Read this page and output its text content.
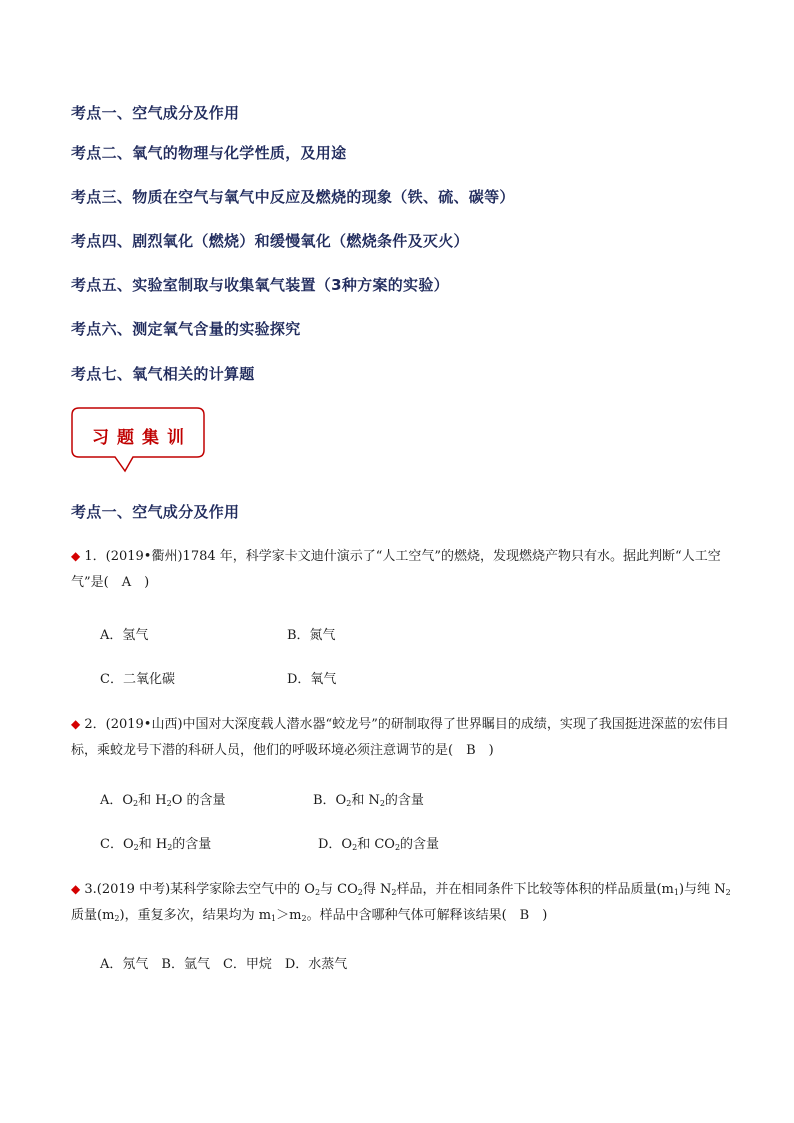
考点一、空气成分及作用

考点二、氧气的物理与化学性质，及用途

考点三、物质在空气与氧气中反应及燃烧的现象（铁、硫、碳等）

考点四、剧烈氧化（燃烧）和缓慢氧化（燃烧条件及灭火）

考点五、实验室制取与收集氧气装置（3种方案的实验）

考点六、测定氧气含量的实验探究

考点七、氧气相关的计算题

习题集训

考点一、空气成分及作用

◆ 1．(2019•衢州)1784 年，科学家卡文迪什演示了“人工空气”的燃烧，发现燃烧产物只有水。据此判断“人工空气”是(　A　)
A．氢气	B．氮气
C．二氧化碳	D．氧气
◆ 2．(2019•山西)中国对大深度载人潜水器“蛟龙号”的研制取得了世界瞩目的成绩，实现了我国挺进深蓝的宏伟目标，乘蛟龙号下潜的科研人员，他们的呼吸环境必须注意调节的是(　B　)
A．$O_2$和 $H_2O$ 的含量	B．$O_2$和 $N_2$的含量
C．$O_2$和 $H_2$的含量	D．$O_2$和 $CO_2$的含量
◆ 3.(2019 中考)某科学家除去空气中的 $O_2$与 $CO_2$得 $N_2$样品，并在相同条件下比较等体积的样品质量$(m_1)$与纯 $N_2$质量$(m_2)$，重复多次，结果均为 $m_1>m_2$。样品中含哪种气体可解释该结果(　B　)
A．氖气　B．氩气　C．甲烷　D．水蒸气
